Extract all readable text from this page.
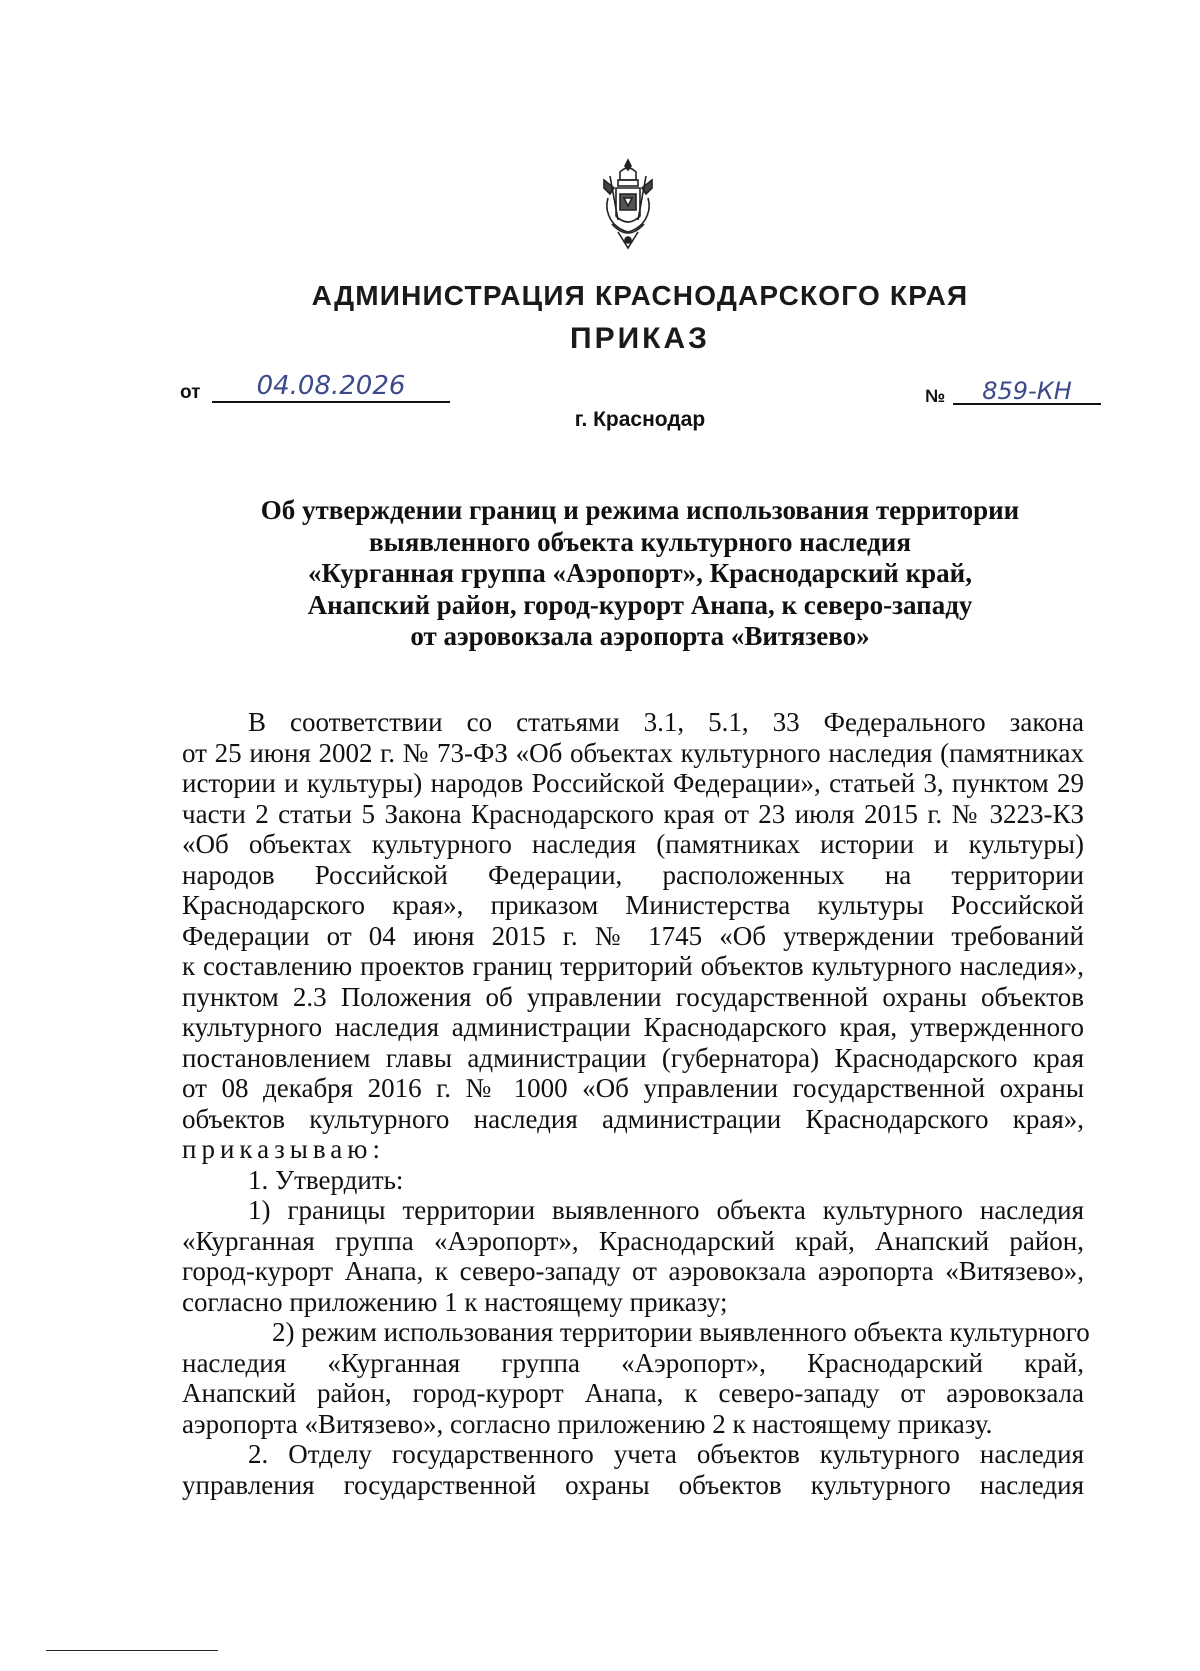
АДМИНИСТРАЦИЯ КРАСНОДАРСКОГО КРАЯ
ПРИКАЗ
от	04.08.2026	№	859-КН
г. Краснодар
Об утверждении границ и режима использования территории
выявленного объекта культурного наследия
«Курганная группа «Аэропорт», Краснодарский край,
Анапский район, город-курорт Анапа, к северо-западу
от аэровокзала аэропорта «Витязево»
В соответствии со статьями 3.1, 5.1, 33 Федерального закона
от 25 июня 2002 г. № 73-ФЗ «Об объектах культурного наследия (памятниках
истории и культуры) народов Российской Федерации», статьей 3, пунктом 29
части 2 статьи 5 Закона Краснодарского края от 23 июля 2015 г. № 3223-КЗ
«Об объектах культурного наследия (памятниках истории и культуры)
народов Российской Федерации, расположенных на территории
Краснодарского края», приказом Министерства культуры Российской
Федерации от 04 июня 2015 г. № 1745 «Об утверждении требований
к составлению проектов границ территорий объектов культурного наследия»,
пунктом 2.3 Положения об управлении государственной охраны объектов
культурного наследия администрации Краснодарского края, утвержденного
постановлением главы администрации (губернатора) Краснодарского края
от 08 декабря 2016 г. № 1000 «Об управлении государственной охраны
объектов культурного наследия администрации Краснодарского края»,
приказываю:
1. Утвердить:
1) границы территории выявленного объекта культурного наследия
«Курганная группа «Аэропорт», Краснодарский край, Анапский район,
город-курорт Анапа, к северо-западу от аэровокзала аэропорта «Витязево»,
согласно приложению 1 к настоящему приказу;
2) режим использования территории выявленного объекта культурного
наследия «Курганная группа «Аэропорт», Краснодарский край,
Анапский район, город-курорт Анапа, к северо-западу от аэровокзала
аэропорта «Витязево», согласно приложению 2 к настоящему приказу.
2. Отделу государственного учета объектов культурного наследия
управления государственной охраны объектов культурного наследия
